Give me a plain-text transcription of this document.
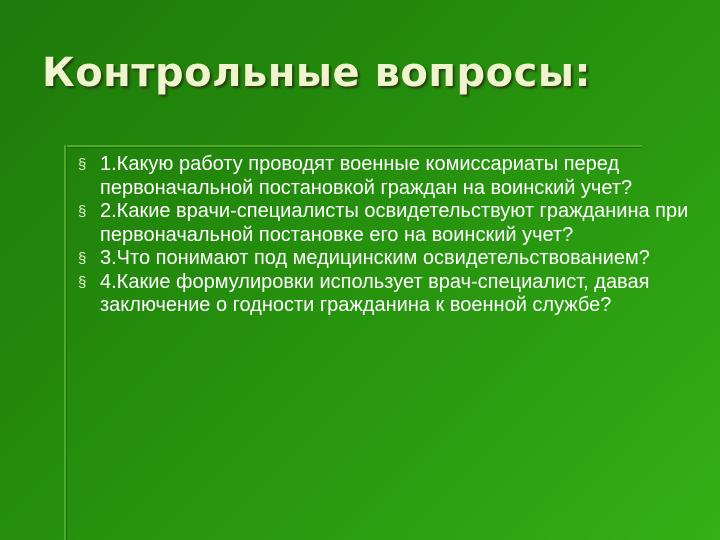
Контрольные вопросы:
§ 1.Какую работу проводят военные комиссариаты перед первоначальной постановкой граждан на воинский учет?
§ 2.Какие врачи-специалисты освидетельствуют гражданина при первоначальной постановке его на воинский учет?
§ 3.Что понимают под медицинским освидетельствованием?
§ 4.Какие формулировки использует врач-специалист, давая заключение о годности гражданина к военной службе?
